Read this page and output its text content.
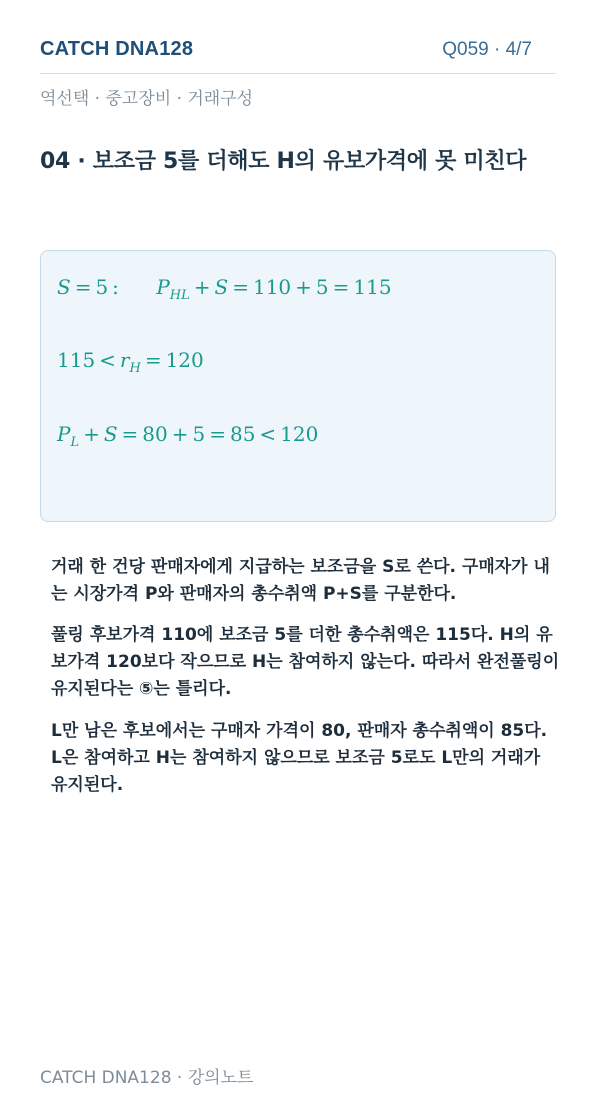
CATCH DNA128	Q059 · 4/7
역선택 · 중고장비 · 거래구성
04 · 보조금 5를 더해도 H의 유보가격에 못 미친다
S = 5 :       $P_{HL} + S = 110 + 5 = 115$
$115 < r_H = 120$
$P_L + S = 80 + 5 = 85 < 120$
거래 한 건당 판매자에게 지급하는 보조금을 S로 쓴다. 구매자가 내는 시장가격 P와 판매자의 총수취액 P+S를 구분한다.
풀링 후보가격 110에 보조금 5를 더한 총수취액은 115다. H의 유보가격 120보다 작으므로 H는 참여하지 않는다. 따라서 완전풀링이 유지된다는 ⑤는 틀리다.
L만 남은 후보에서는 구매자 가격이 80, 판매자 총수취액이 85다. L은 참여하고 H는 참여하지 않으므로 보조금 5로도 L만의 거래가 유지된다.
CATCH DNA128 · 강의노트
